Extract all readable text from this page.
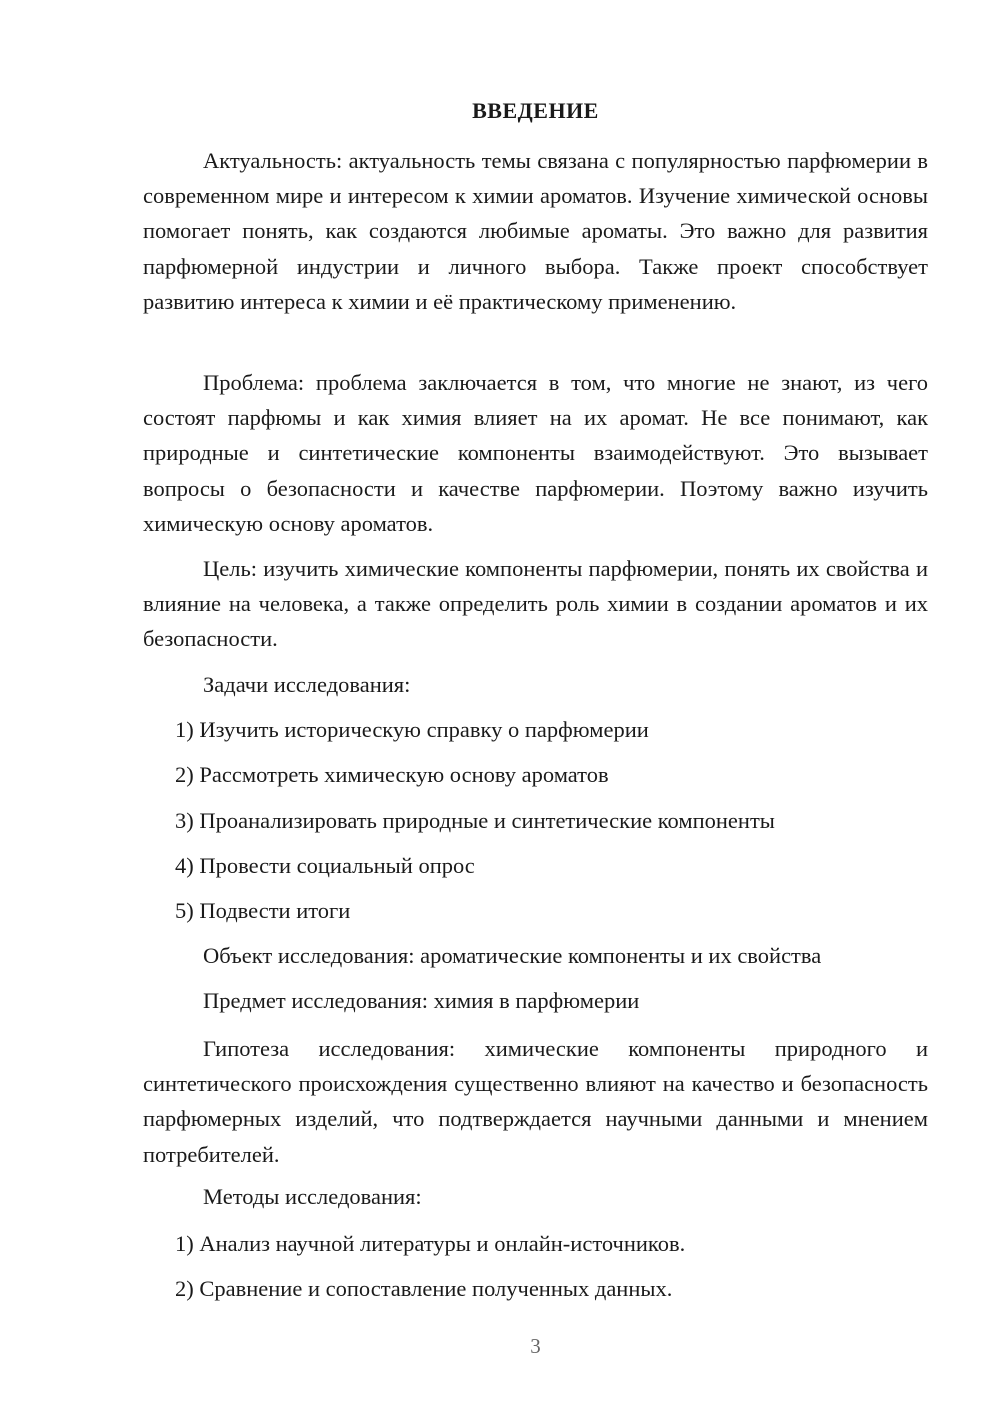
ВВЕДЕНИЕ

Актуальность: актуальность темы связана с популярностью парфюмерии в современном мире и интересом к химии ароматов. Изучение химической основы помогает понять, как создаются любимые ароматы. Это важно для развития парфюмерной индустрии и личного выбора. Также проект способствует развитию интереса к химии и её практическому применению.

Проблема: проблема заключается в том, что многие не знают, из чего состоят парфюмы и как химия влияет на их аромат. Не все понимают, как природные и синтетические компоненты взаимодействуют. Это вызывает вопросы о безопасности и качестве парфюмерии. Поэтому важно изучить химическую основу ароматов.

Цель: изучить химические компоненты парфюмерии, понять их свойства и влияние на человека, а также определить роль химии в создании ароматов и их безопасности.

Задачи исследования:

1) Изучить историческую справку о парфюмерии

2) Рассмотреть химическую основу ароматов

3) Проанализировать природные и синтетические компоненты

4) Провести социальный опрос

5) Подвести итоги

Объект исследования: ароматические компоненты и их свойства

Предмет исследования: химия в парфюмерии

Гипотеза исследования: химические компоненты природного и синтетического происхождения существенно влияют на качество и безопасность парфюмерных изделий, что подтверждается научными данными и мнением потребителей.

Методы исследования:

1) Анализ научной литературы и онлайн-источников.

2) Сравнение и сопоставление полученных данных.

3
